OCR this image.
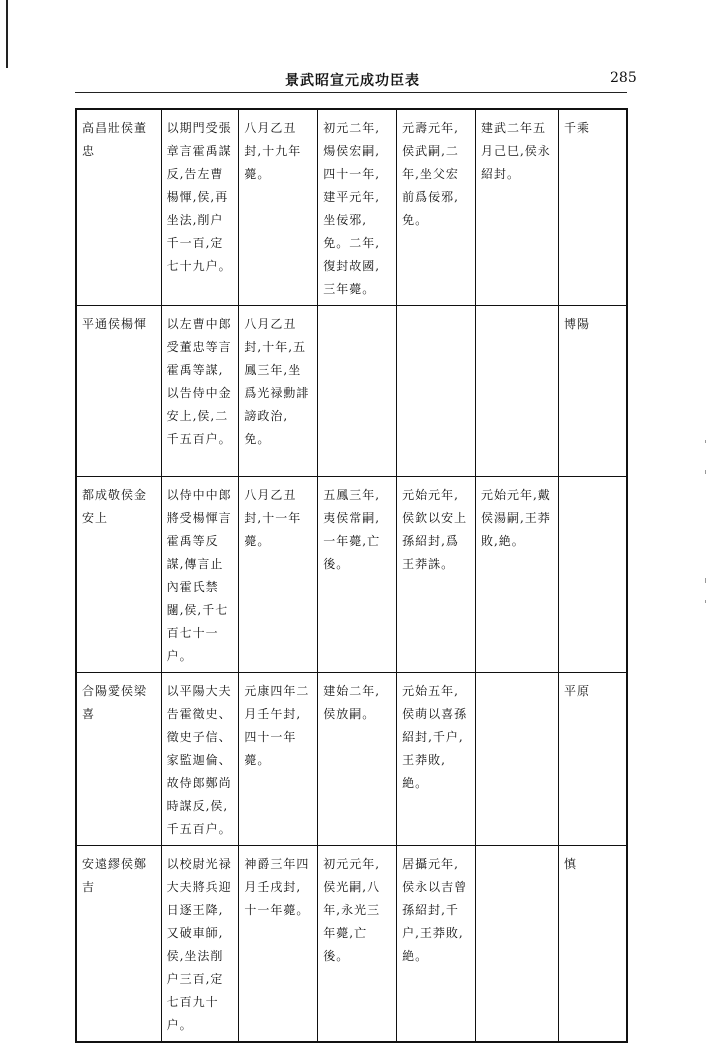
景武昭宣元成功臣表	285
高昌壯侯董忠	以期門受張章言霍禹謀反,告左曹楊惲,侯,再坐法,削户千一百,定七十九户。	八月乙丑封,十九年薨。	初元二年,煬侯宏嗣,四十一年,建平元年,坐佞邪,免。二年,復封故國,三年薨。	元壽元年,侯武嗣,二年,坐父宏前爲佞邪,免。	建武二年五月己巳,侯永紹封。	千乘
平通侯楊惲	以左曹中郎受董忠等言霍禹等謀,以告侍中金安上,侯,二千五百户。	八月乙丑封,十年,五鳳三年,坐爲光禄勳誹謗政治,免。				博陽
都成敬侯金安上	以侍中中郎將受楊惲言霍禹等反謀,傳言止內霍氏禁闥,侯,千七百七十一户。	八月乙丑封,十一年薨。	五鳳三年,夷侯常嗣,一年薨,亡後。	元始元年,侯欽以安上孫紹封,爲王莽誅。	元始元年,戴侯湯嗣,王莽敗,絶。	
合陽愛侯梁喜	以平陽大夫告霍徵史、徵史子信、家監迦倫、故侍郎鄭尚時謀反,侯,千五百户。	元康四年二月壬午封,四十一年薨。	建始二年,侯放嗣。	元始五年,侯萌以喜孫紹封,千户,王莽敗,絶。		平原
安遠繆侯鄭吉	以校尉光禄大夫將兵迎日逐王降,又破車師,侯,坐法削户三百,定七百九十户。	神爵三年四月壬戌封,十一年薨。	初元元年,侯光嗣,八年,永光三年薨,亡後。	居攝元年,侯永以吉曾孫紹封,千户,王莽敗,絶。		慎
